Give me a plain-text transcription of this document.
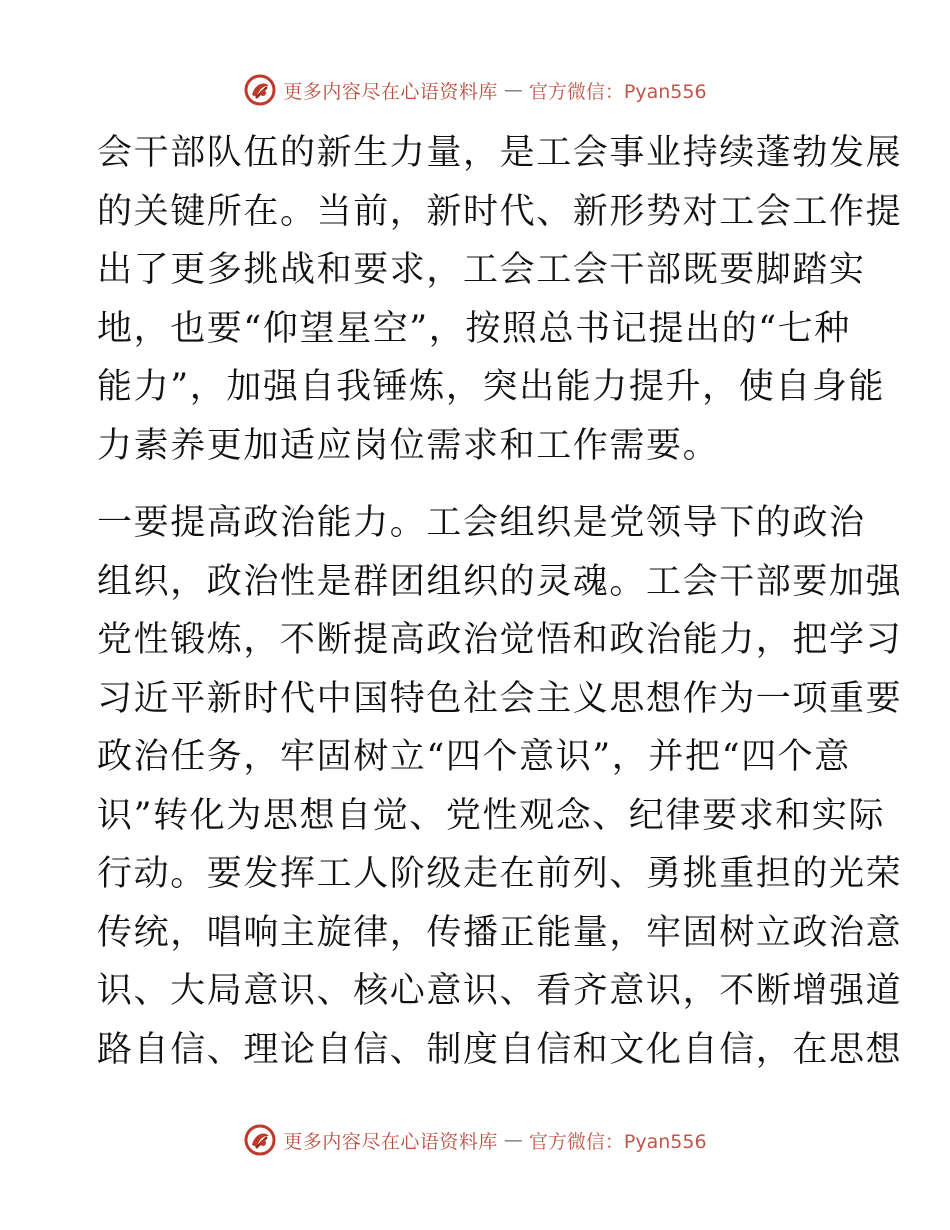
更多内容尽在心语资料库 — 官方微信：Pyan556

会干部队伍的新生力量，是工会事业持续蓬勃发展
的关键所在。当前，新时代、新形势对工会工作提
出了更多挑战和要求，工会工会干部既要脚踏实
地，也要“仰望星空”，按照总书记提出的“七种
能力”，加强自我锤炼，突出能力提升，使自身能
力素养更加适应岗位需求和工作需要。

一要提高政治能力。工会组织是党领导下的政治
组织，政治性是群团组织的灵魂。工会干部要加强
党性锻炼，不断提高政治觉悟和政治能力，把学习
习近平新时代中国特色社会主义思想作为一项重要
政治任务，牢固树立“四个意识”，并把“四个意
识”转化为思想自觉、党性观念、纪律要求和实际
行动。要发挥工人阶级走在前列、勇挑重担的光荣
传统，唱响主旋律，传播正能量，牢固树立政治意
识、大局意识、核心意识、看齐意识，不断增强道
路自信、理论自信、制度自信和文化自信，在思想

更多内容尽在心语资料库 — 官方微信：Pyan556
